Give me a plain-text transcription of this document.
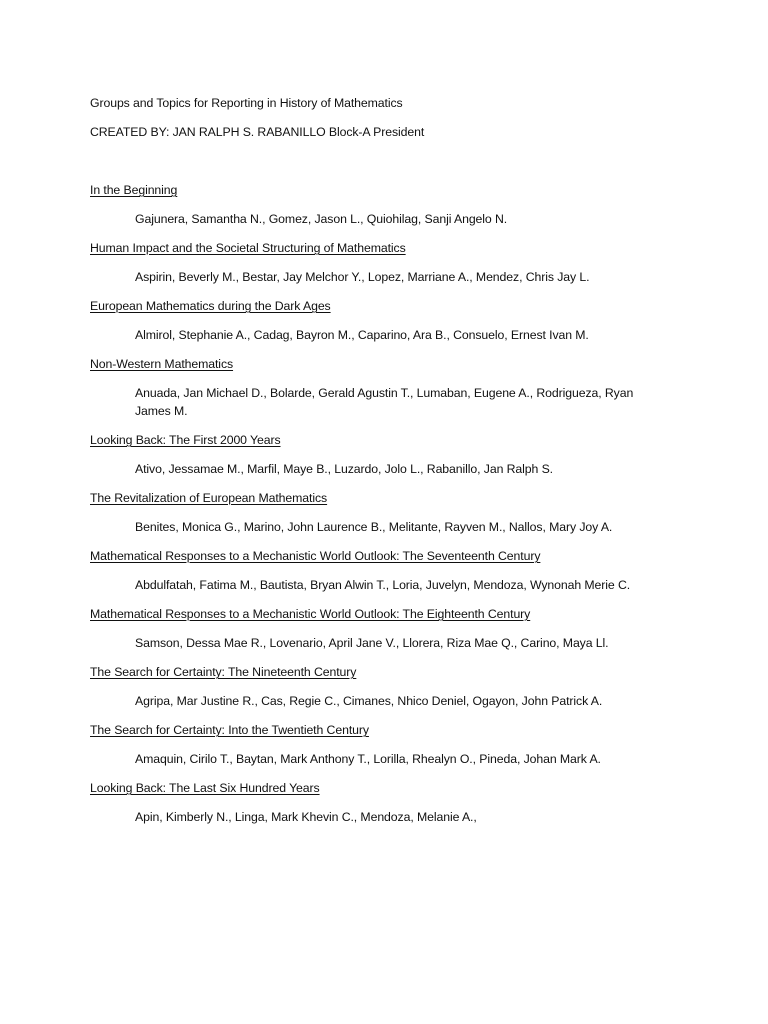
Groups and Topics for Reporting in History of Mathematics

CREATED BY: JAN RALPH S. RABANILLO Block-A President

In the Beginning

Gajunera, Samantha N., Gomez, Jason L., Quiohilag, Sanji Angelo N.

Human Impact and the Societal Structuring of Mathematics

Aspirin, Beverly M., Bestar, Jay Melchor Y., Lopez, Marriane A., Mendez, Chris Jay L.

European Mathematics during the Dark Ages

Almirol, Stephanie A., Cadag, Bayron M., Caparino, Ara B., Consuelo, Ernest Ivan M.

Non-Western Mathematics

Anuada, Jan Michael D., Bolarde, Gerald Agustin T., Lumaban, Eugene A., Rodrigueza, Ryan James M.

Looking Back: The First 2000 Years

Ativo, Jessamae M., Marfil, Maye B., Luzardo, Jolo L., Rabanillo, Jan Ralph S.

The Revitalization of European Mathematics

Benites, Monica G., Marino, John Laurence B., Melitante, Rayven M., Nallos, Mary Joy A.

Mathematical Responses to a Mechanistic World Outlook: The Seventeenth Century

Abdulfatah, Fatima M., Bautista, Bryan Alwin T., Loria, Juvelyn, Mendoza, Wynonah Merie C.

Mathematical Responses to a Mechanistic World Outlook: The Eighteenth Century

Samson, Dessa Mae R., Lovenario, April Jane V., Llorera, Riza Mae Q., Carino, Maya Ll.

The Search for Certainty: The Nineteenth Century

Agripa, Mar Justine R., Cas, Regie C., Cimanes, Nhico Deniel, Ogayon, John Patrick A.

The Search for Certainty: Into the Twentieth Century

Amaquin, Cirilo T., Baytan, Mark Anthony T., Lorilla, Rhealyn O., Pineda, Johan Mark A.

Looking Back: The Last Six Hundred Years

Apin, Kimberly N., Linga, Mark Khevin C., Mendoza, Melanie A.,
